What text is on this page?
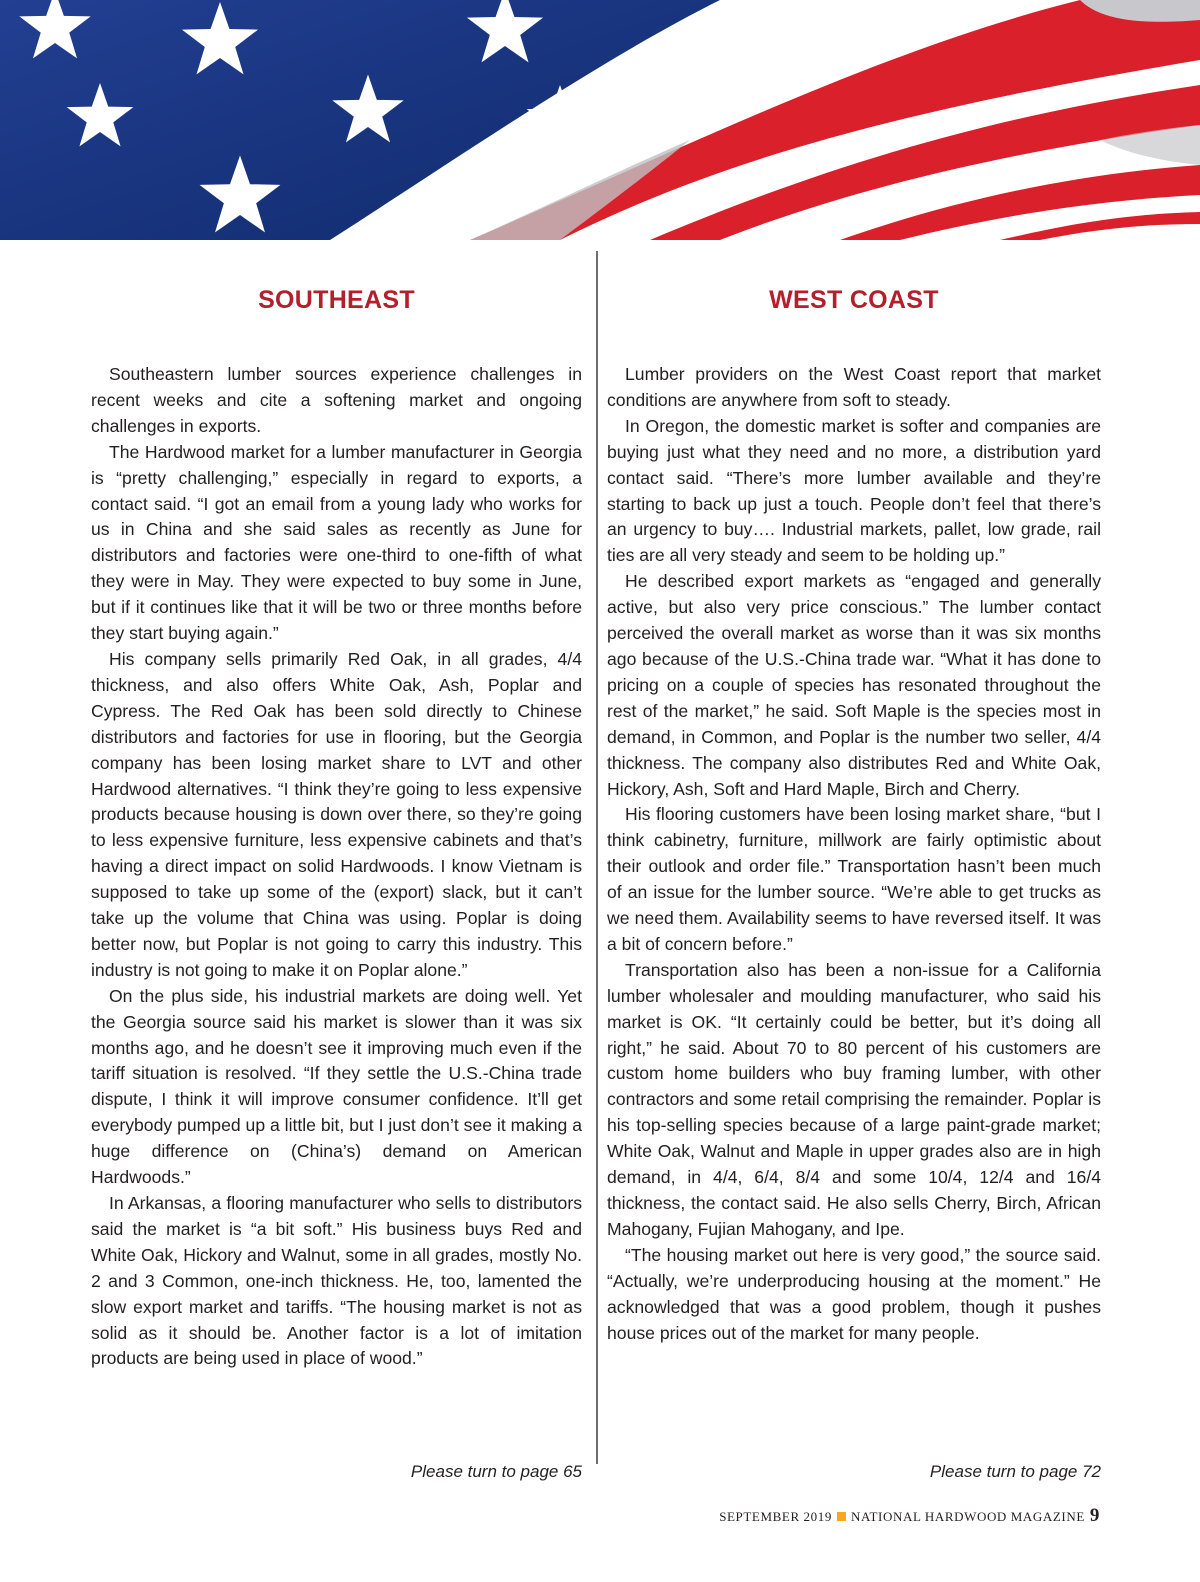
SOUTHEAST

Southeastern lumber sources experience challenges in recent weeks and cite a softening market and ongoing challenges in exports.

The Hardwood market for a lumber manufacturer in Georgia is “pretty challenging,” especially in regard to exports, a contact said. “I got an email from a young lady who works for us in China and she said sales as recently as June for distributors and factories were one-third to one-fifth of what they were in May. They were expected to buy some in June, but if it continues like that it will be two or three months before they start buying again.”

His company sells primarily Red Oak, in all grades, 4/4 thickness, and also offers White Oak, Ash, Poplar and Cypress. The Red Oak has been sold directly to Chinese distributors and factories for use in flooring, but the Georgia company has been losing market share to LVT and other Hardwood alternatives. “I think they’re going to less expensive products because housing is down over there, so they’re going to less expensive furniture, less expensive cabinets and that’s having a direct impact on solid Hardwoods. I know Vietnam is supposed to take up some of the (export) slack, but it can’t take up the volume that China was using. Poplar is doing better now, but Poplar is not going to carry this industry. This industry is not going to make it on Poplar alone.”

On the plus side, his industrial markets are doing well. Yet the Georgia source said his market is slower than it was six months ago, and he doesn’t see it improving much even if the tariff situation is resolved. “If they settle the U.S.-China trade dispute, I think it will improve consumer confidence. It’ll get everybody pumped up a little bit, but I just don’t see it making a huge difference on (China’s) demand on American Hardwoods.”

In Arkansas, a flooring manufacturer who sells to distributors said the market is “a bit soft.” His business buys Red and White Oak, Hickory and Walnut, some in all grades, mostly No. 2 and 3 Common, one-inch thickness. He, too, lamented the slow export market and tariffs. “The housing market is not as solid as it should be. Another factor is a lot of imitation products are being used in place of wood.”

Please turn to page 65
WEST COAST

Lumber providers on the West Coast report that market conditions are anywhere from soft to steady.

In Oregon, the domestic market is softer and companies are buying just what they need and no more, a distribution yard contact said. “There’s more lumber available and they’re starting to back up just a touch. People don’t feel that there’s an urgency to buy…. Industrial markets, pallet, low grade, rail ties are all very steady and seem to be holding up.”

He described export markets as “engaged and generally active, but also very price conscious.” The lumber contact perceived the overall market as worse than it was six months ago because of the U.S.-China trade war. “What it has done to pricing on a couple of species has resonated throughout the rest of the market,” he said. Soft Maple is the species most in demand, in Common, and Poplar is the number two seller, 4/4 thickness. The company also distributes Red and White Oak, Hickory, Ash, Soft and Hard Maple, Birch and Cherry.

His flooring customers have been losing market share, “but I think cabinetry, furniture, millwork are fairly optimistic about their outlook and order file.” Transportation hasn’t been much of an issue for the lumber source. “We’re able to get trucks as we need them. Availability seems to have reversed itself. It was a bit of concern before.”

Transportation also has been a non-issue for a California lumber wholesaler and moulding manufacturer, who said his market is OK. “It certainly could be better, but it’s doing all right,” he said. About 70 to 80 percent of his customers are custom home builders who buy framing lumber, with other contractors and some retail comprising the remainder. Poplar is his top-selling species because of a large paint-grade market; White Oak, Walnut and Maple in upper grades also are in high demand, in 4/4, 6/4, 8/4 and some 10/4, 12/4 and 16/4 thickness, the contact said. He also sells Cherry, Birch, African Mahogany, Fujian Mahogany, and Ipe.

“The housing market out here is very good,” the source said. “Actually, we’re underproducing housing at the moment.” He acknowledged that was a good problem, though it pushes house prices out of the market for many people.

Please turn to page 72
SEPTEMBER 2019 NATIONAL HARDWOOD MAGAZINE 9
